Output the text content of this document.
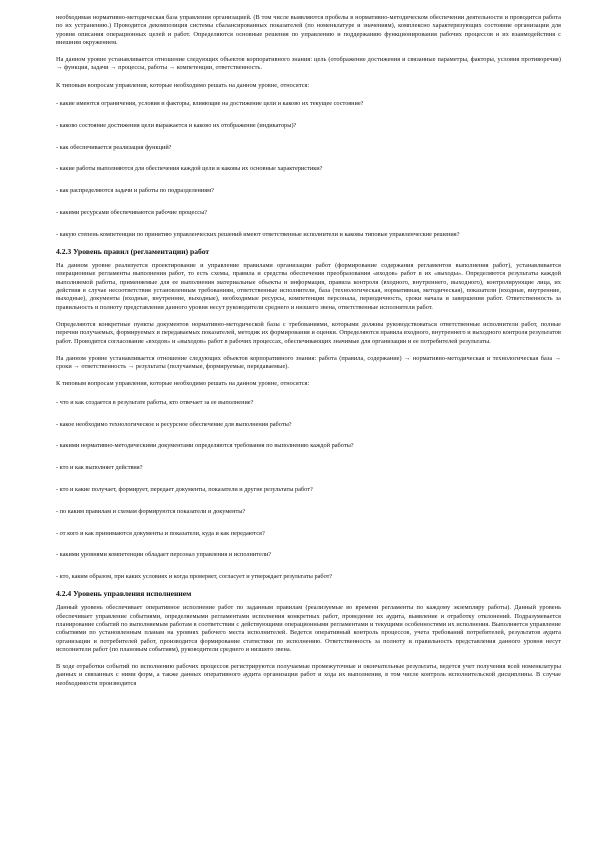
необходимая нормативно-методическая база управления организацией. (В том числе выявляются пробелы в нормативно-методическом обеспечении деятельности и проводится работа по их устранению.) Проводится декомпозиция системы сбалансированных показателей (по номенклатуре и значениям), комплексно характеризующих состояние организации для уровня описания операционных целей и работ. Определяются основные решения по управлению и поддержанию функционирования рабочих процессов и их взаимодействия с внешним окружением.

На данном уровне устанавливается отношение следующих объектов корпоративного знания: цель (отображение достижения и связанные параметры, факторы, условия противоречия) → функция, задачи → процессы, работы → компетенции, ответственность.

К типовым вопросам управления, которые необходимо решать на данном уровне, относятся:

- какие имеются ограничения, условия и факторы, влияющие на достижение цели и каково их текущее состояние?

- каково состояние достижения цели выражается и каково их отображение (индикаторы)?

- как обеспечивается реализация функций?

- какие работы выполняются для обеспечения каждой цели и каковы их основные характеристики?

- как распределяются задачи и работы по подразделениям?

- какими ресурсами обеспечиваются рабочие процессы?

- какую степень компетенции по принятию управленческих решений имеют ответственные исполнители и каковы типовые управленческие решения?

4.2.3 Уровень правил (регламентации) работ

На данном уровне реализуется проектирование и управление правилами организации работ (формирование содержания регламентов выполнения работ), устанавливается операционные регламенты выполнения работ, то есть схемы, правила и средства обеспечения преобразования «входов» работ в их «выходы». Определяются результаты каждой выполняемой работы, применяемые для ее выполнения материальные объекты и информация, правила контроля (входного, внутреннего, выходного), контролирующие лица, их действия в случае несоответствия установленным требованиям, ответственные исполнители, база (технологическая, нормативная, методическая), показатели (входные, внутренние, выходные), документы (входные, внутренние, выходные), необходимые ресурсы, компетенции персонала, периодичность, сроки начала и завершения работ. Ответственность за правильность и полноту представления данного уровня несут руководители среднего и низшего звена, ответственные исполнители работ.

Определяются конкретные пункты документов нормативно-методической базы с требованиями, которыми должны руководствоваться ответственные исполнители работ, полные перечни получаемых, формируемых и передаваемых показателей, методик их формирования и оценки. Определяются правила входного, внутреннего и выходного контроля результатов работ. Проводится согласование «входов» и «выходов» работ в рабочих процессах, обеспечивающих значимые для организации и ее потребителей результаты.

На данном уровне устанавливается отношение следующих объектов корпоративного знания: работа (правила, содержание) → нормативно-методическая и технологическая база → сроки → ответственность → результаты (получаемые, формируемые, передаваемые).

К типовым вопросам управления, которые необходимо решать на данном уровне, относятся:

- что и как создается в результате работы, кто отвечает за ее выполнение?

- какое необходимо технологическое и ресурсное обеспечение для выполнения работы?

- какими нормативно-методическими документами определяются требования по выполнению каждой работы?

- кто и как выполняет действия?

- кто и какие получает, формирует, передает документы, показатели и другие результаты работ?

- по каким правилам и схемам формируются показатели и документы?

- от кого и как принимаются документы и показатели, куда и как передаются?

- какими уровнями компетенции обладает персонал управления и исполнители?

- кто, каким образом, при каких условиях и когда проверяет, согласует и утверждает результаты работ?

4.2.4 Уровень управления исполнением

Данный уровень обеспечивает оперативное исполнение работ по заданным правилам (реализуемые во времени регламенты по каждому экземпляру работы). Данный уровень обеспечивает управление событиями, определяемыми регламентами исполнения конкретных работ, проведение их аудита, выявление и отработку отклонений. Подразумевается планирование событий по выполняемым работам в соответствии с действующими операционными регламентами и текущими особенностями их исполнения. Выполняется управление событиями по установленным планам на уровнях рабочего места исполнителей. Ведется оперативный контроль процессов, учета требований потребителей, результатов аудита организации и потребителей работ, производится формирование статистики по исполнению. Ответственность за полноту и правильность представления данного уровня несут исполнители работ (по плановым событиям), руководители среднего и низшего звена.

В ходе отработки событий по исполнению рабочих процессов регистрируются получаемые промежуточные и окончательные результаты, ведется учет получения всей номенклатуры данных и связанных с ними форм, а также данных оперативного аудита организации работ и хода их выполнения, в том числе контроль исполнительской дисциплины. В случае необходимости производится
